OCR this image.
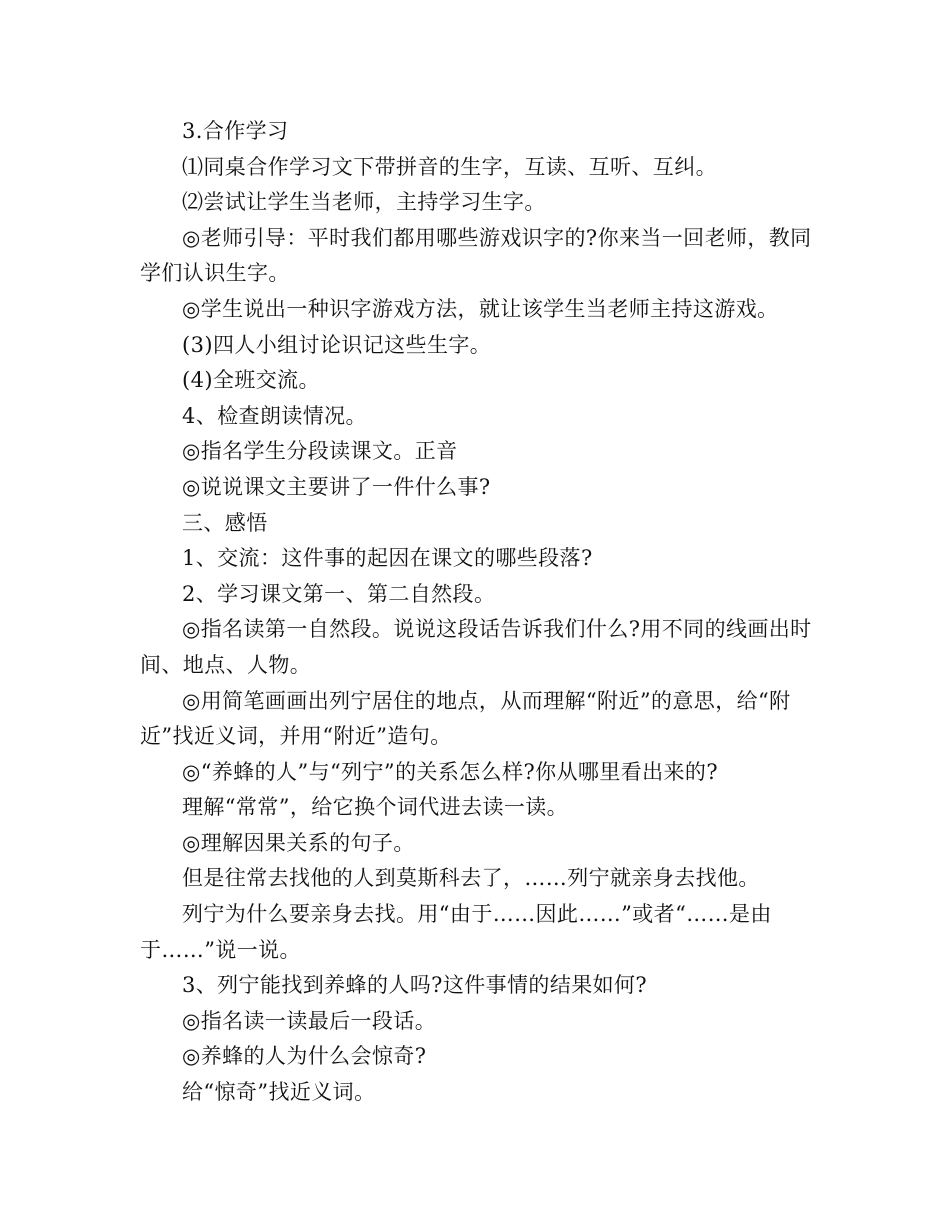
3.合作学习

⑴同桌合作学习文下带拼音的生字，互读、互听、互纠。

⑵尝试让学生当老师，主持学习生字。

◎老师引导：平时我们都用哪些游戏识字的?你来当一回老师，教同学们认识生字。

◎学生说出一种识字游戏方法，就让该学生当老师主持这游戏。

(3)四人小组讨论识记这些生字。

(4)全班交流。

4、检查朗读情况。

◎指名学生分段读课文。正音

◎说说课文主要讲了一件什么事?

三、感悟

1、交流：这件事的起因在课文的哪些段落?

2、学习课文第一、第二自然段。

◎指名读第一自然段。说说这段话告诉我们什么?用不同的线画出时间、地点、人物。

◎用简笔画画出列宁居住的地点，从而理解“附近”的意思，给“附近”找近义词，并用“附近”造句。

◎“养蜂的人”与“列宁”的关系怎么样?你从哪里看出来的?

理解“常常”，给它换个词代进去读一读。

◎理解因果关系的句子。

但是往常去找他的人到莫斯科去了，……列宁就亲身去找他。

列宁为什么要亲身去找。用“由于……因此……”或者“……是由于……”说一说。

3、列宁能找到养蜂的人吗?这件事情的结果如何?

◎指名读一读最后一段话。

◎养蜂的人为什么会惊奇?

给“惊奇”找近义词。
